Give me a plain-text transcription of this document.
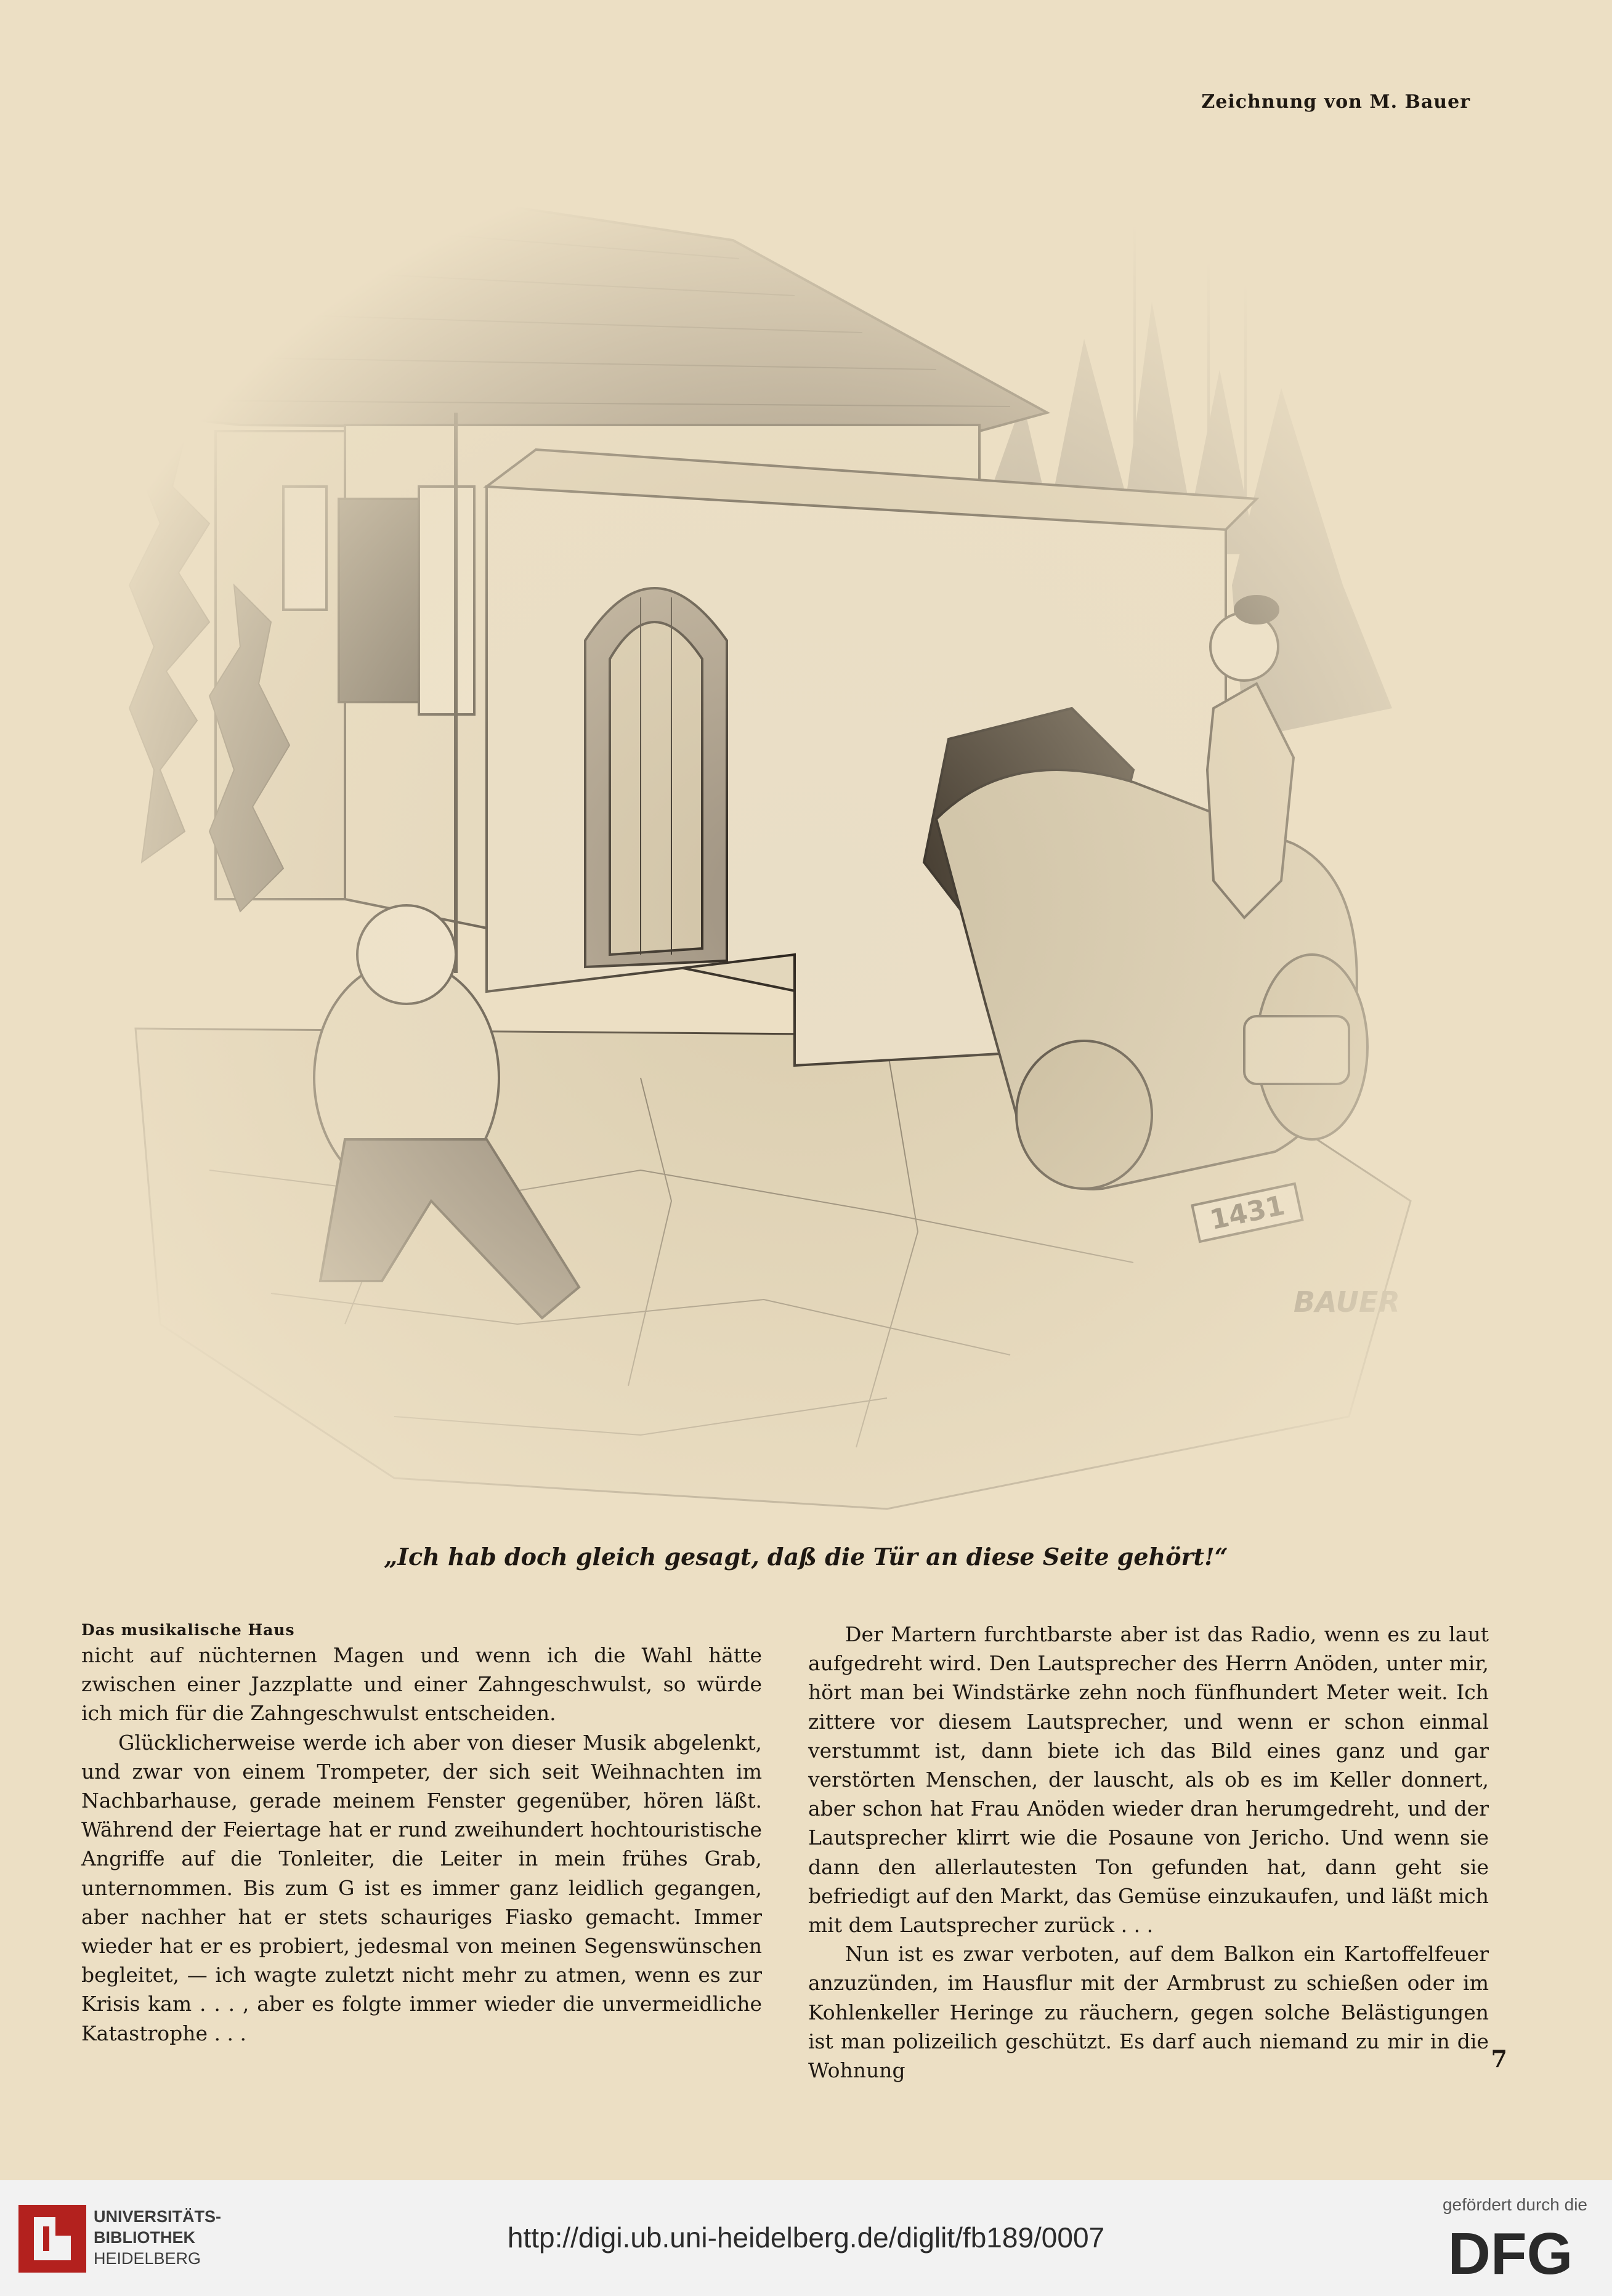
Zeichnung von M. Bauer
„Ich hab doch gleich gesagt, daß die Tür an diese Seite gehört!“
Das musikalische Haus

nicht auf nüchternen Magen und wenn ich die Wahl hätte zwischen einer Jazzplatte und einer Zahngeschwulst, so würde ich mich für die Zahngeschwulst entscheiden.

Glücklicherweise werde ich aber von dieser Musik abgelenkt, und zwar von einem Trompeter, der sich seit Weihnachten im Nachbarhause, gerade meinem Fenster gegenüber, hören läßt. Während der Feiertage hat er rund zweihundert hochtouristische Angriffe auf die Tonleiter, die Leiter in mein frühes Grab, unternommen. Bis zum G ist es immer ganz leidlich gegangen, aber nachher hat er stets schauriges Fiasko gemacht. Immer wieder hat er es probiert, jedesmal von meinen Segenswünschen begleitet, — ich wagte zuletzt nicht mehr zu atmen, wenn es zur Krisis kam . . . , aber es folgte immer wieder die unvermeidliche Katastrophe . . .

Der Martern furchtbarste aber ist das Radio, wenn es zu laut aufgedreht wird. Den Lautsprecher des Herrn Anöden, unter mir, hört man bei Windstärke zehn noch fünfhundert Meter weit. Ich zittere vor diesem Lautsprecher, und wenn er schon einmal verstummt ist, dann biete ich das Bild eines ganz und gar verstörten Menschen, der lauscht, als ob es im Keller donnert, aber schon hat Frau Anöden wieder dran herumgedreht, und der Lautsprecher klirrt wie die Posaune von Jericho. Und wenn sie dann den allerlautesten Ton gefunden hat, dann geht sie befriedigt auf den Markt, das Gemüse einzukaufen, und läßt mich mit dem Lautsprecher zurück . . .

Nun ist es zwar verboten, auf dem Balkon ein Kartoffelfeuer anzuzünden, im Hausflur mit der Armbrust zu schießen oder im Kohlenkeller Heringe zu räuchern, gegen solche Belästigungen ist man polizeilich geschützt. Es darf auch niemand zu mir in die Wohnung	7
UNIVERSITÄTS-
BIBLIOTHEK
HEIDELBERG
http://digi.ub.uni-heidelberg.de/diglit/fb189/0007
gefördert durch die
DFG
